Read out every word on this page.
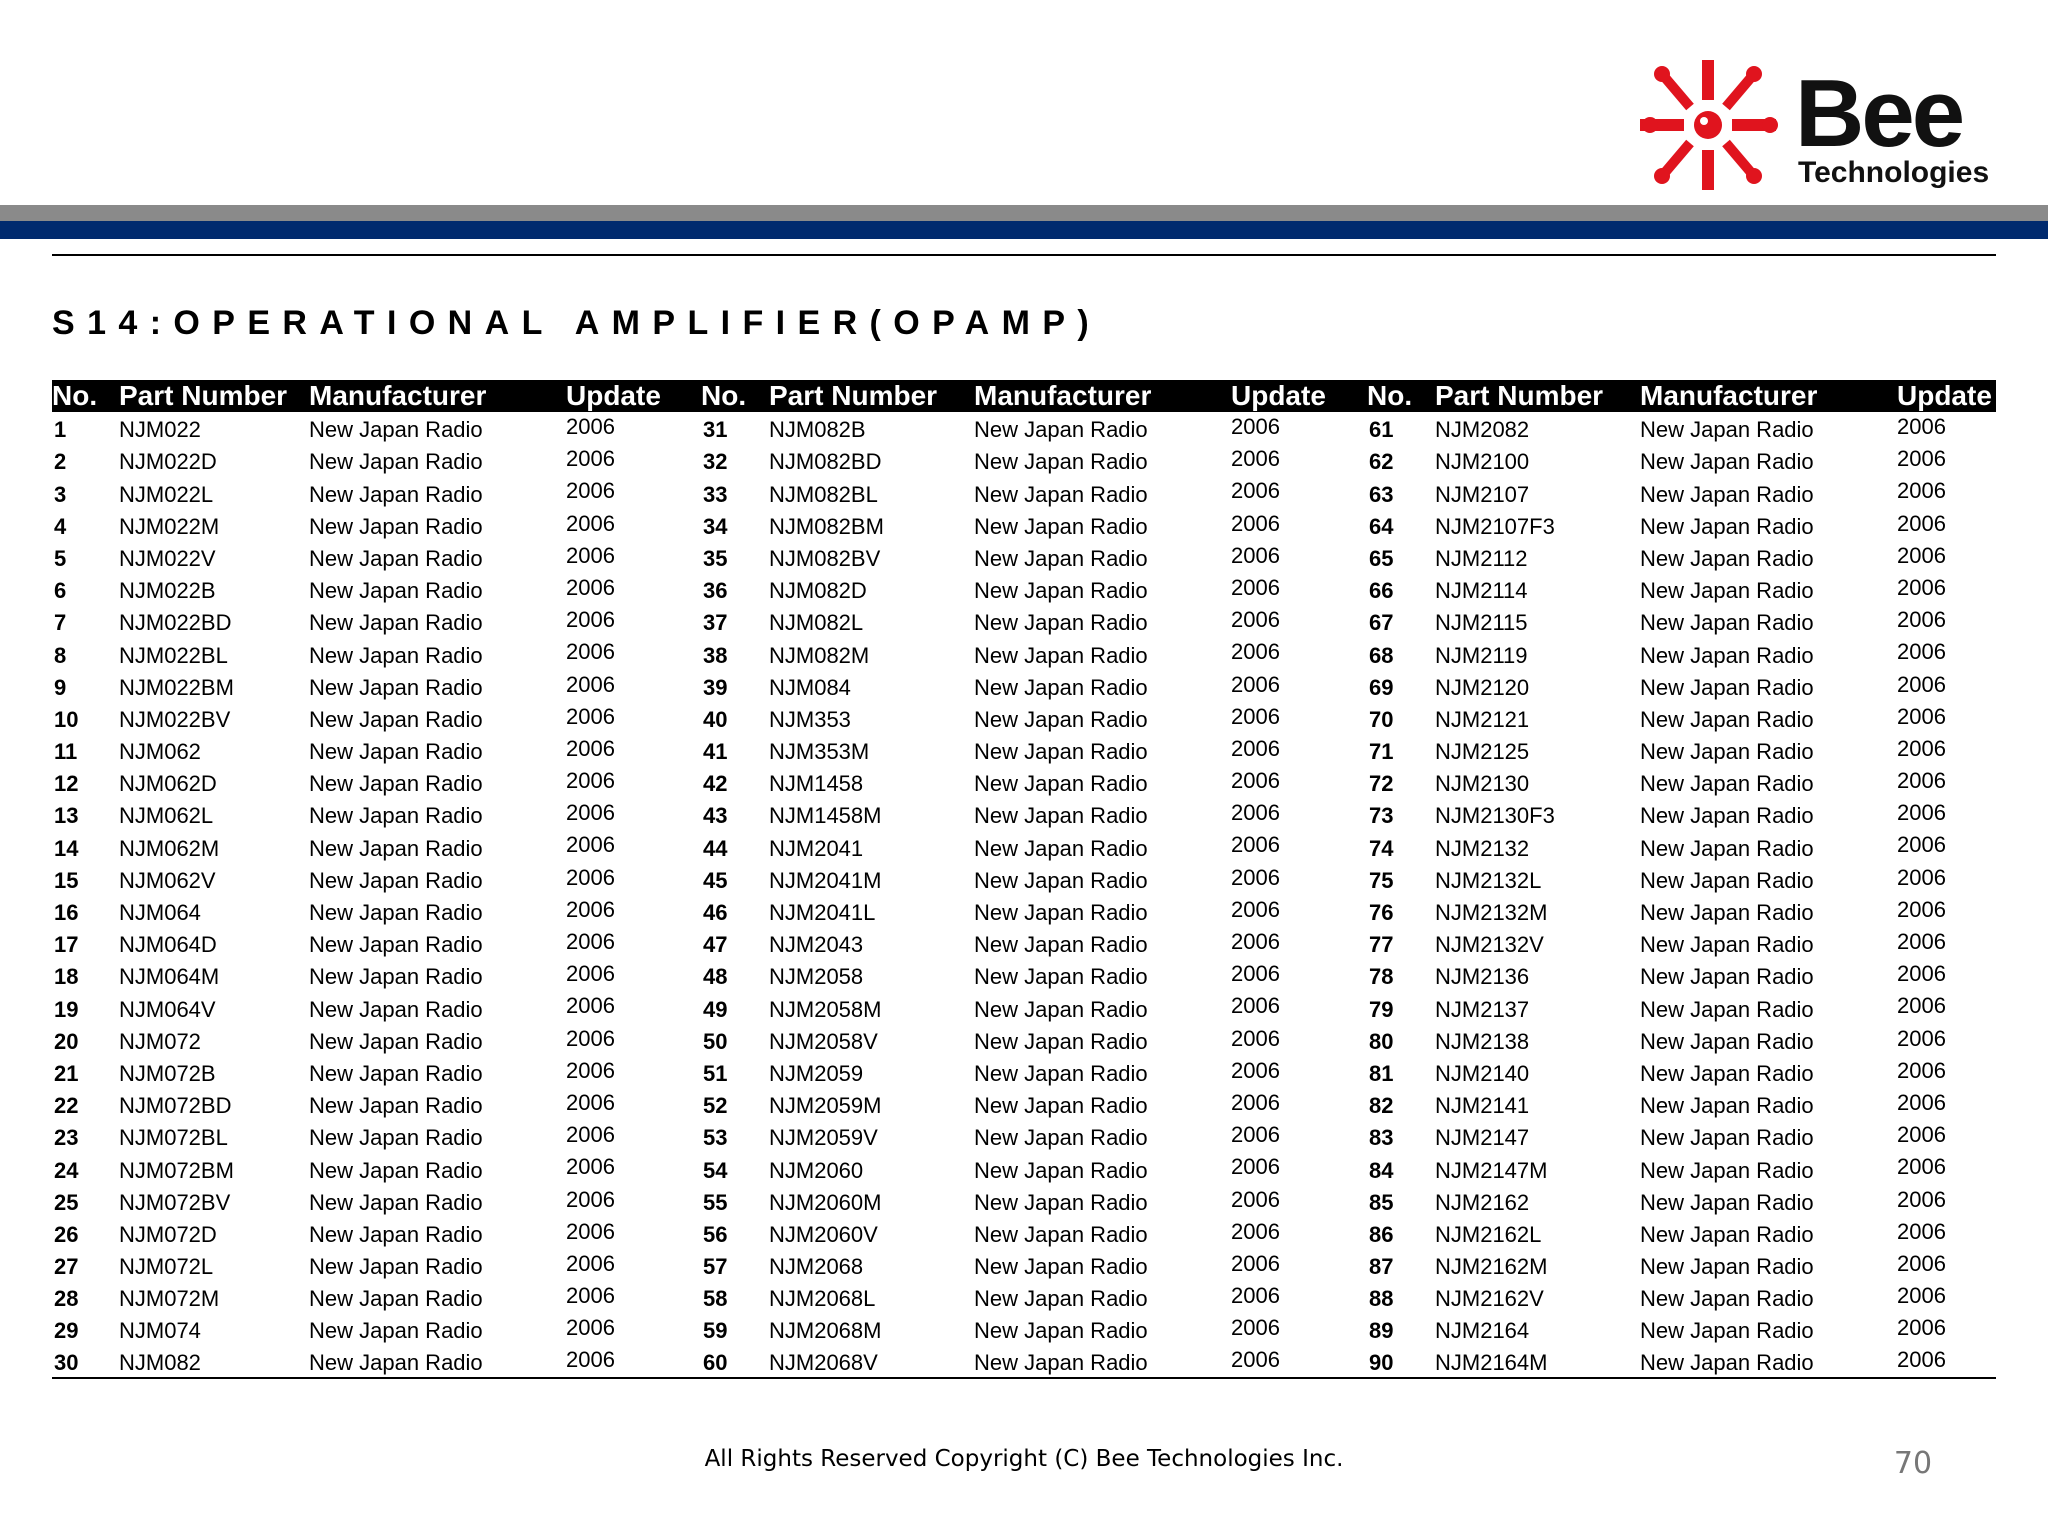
Bee
Technologies
S14:OPERATIONAL AMPLIFIER(OPAMP)
No.	Part Number	Manufacturer	Update	No.	Part Number	Manufacturer	Update	No.	Part Number	Manufacturer	Update
1	NJM022	New Japan Radio	2006	31	NJM082B	New Japan Radio	2006	61	NJM2082	New Japan Radio	2006
2	NJM022D	New Japan Radio	2006	32	NJM082BD	New Japan Radio	2006	62	NJM2100	New Japan Radio	2006
3	NJM022L	New Japan Radio	2006	33	NJM082BL	New Japan Radio	2006	63	NJM2107	New Japan Radio	2006
4	NJM022M	New Japan Radio	2006	34	NJM082BM	New Japan Radio	2006	64	NJM2107F3	New Japan Radio	2006
5	NJM022V	New Japan Radio	2006	35	NJM082BV	New Japan Radio	2006	65	NJM2112	New Japan Radio	2006
6	NJM022B	New Japan Radio	2006	36	NJM082D	New Japan Radio	2006	66	NJM2114	New Japan Radio	2006
7	NJM022BD	New Japan Radio	2006	37	NJM082L	New Japan Radio	2006	67	NJM2115	New Japan Radio	2006
8	NJM022BL	New Japan Radio	2006	38	NJM082M	New Japan Radio	2006	68	NJM2119	New Japan Radio	2006
9	NJM022BM	New Japan Radio	2006	39	NJM084	New Japan Radio	2006	69	NJM2120	New Japan Radio	2006
10	NJM022BV	New Japan Radio	2006	40	NJM353	New Japan Radio	2006	70	NJM2121	New Japan Radio	2006
11	NJM062	New Japan Radio	2006	41	NJM353M	New Japan Radio	2006	71	NJM2125	New Japan Radio	2006
12	NJM062D	New Japan Radio	2006	42	NJM1458	New Japan Radio	2006	72	NJM2130	New Japan Radio	2006
13	NJM062L	New Japan Radio	2006	43	NJM1458M	New Japan Radio	2006	73	NJM2130F3	New Japan Radio	2006
14	NJM062M	New Japan Radio	2006	44	NJM2041	New Japan Radio	2006	74	NJM2132	New Japan Radio	2006
15	NJM062V	New Japan Radio	2006	45	NJM2041M	New Japan Radio	2006	75	NJM2132L	New Japan Radio	2006
16	NJM064	New Japan Radio	2006	46	NJM2041L	New Japan Radio	2006	76	NJM2132M	New Japan Radio	2006
17	NJM064D	New Japan Radio	2006	47	NJM2043	New Japan Radio	2006	77	NJM2132V	New Japan Radio	2006
18	NJM064M	New Japan Radio	2006	48	NJM2058	New Japan Radio	2006	78	NJM2136	New Japan Radio	2006
19	NJM064V	New Japan Radio	2006	49	NJM2058M	New Japan Radio	2006	79	NJM2137	New Japan Radio	2006
20	NJM072	New Japan Radio	2006	50	NJM2058V	New Japan Radio	2006	80	NJM2138	New Japan Radio	2006
21	NJM072B	New Japan Radio	2006	51	NJM2059	New Japan Radio	2006	81	NJM2140	New Japan Radio	2006
22	NJM072BD	New Japan Radio	2006	52	NJM2059M	New Japan Radio	2006	82	NJM2141	New Japan Radio	2006
23	NJM072BL	New Japan Radio	2006	53	NJM2059V	New Japan Radio	2006	83	NJM2147	New Japan Radio	2006
24	NJM072BM	New Japan Radio	2006	54	NJM2060	New Japan Radio	2006	84	NJM2147M	New Japan Radio	2006
25	NJM072BV	New Japan Radio	2006	55	NJM2060M	New Japan Radio	2006	85	NJM2162	New Japan Radio	2006
26	NJM072D	New Japan Radio	2006	56	NJM2060V	New Japan Radio	2006	86	NJM2162L	New Japan Radio	2006
27	NJM072L	New Japan Radio	2006	57	NJM2068	New Japan Radio	2006	87	NJM2162M	New Japan Radio	2006
28	NJM072M	New Japan Radio	2006	58	NJM2068L	New Japan Radio	2006	88	NJM2162V	New Japan Radio	2006
29	NJM074	New Japan Radio	2006	59	NJM2068M	New Japan Radio	2006	89	NJM2164	New Japan Radio	2006
30	NJM082	New Japan Radio	2006	60	NJM2068V	New Japan Radio	2006	90	NJM2164M	New Japan Radio	2006
All Rights Reserved Copyright (C) Bee Technologies Inc.	70
